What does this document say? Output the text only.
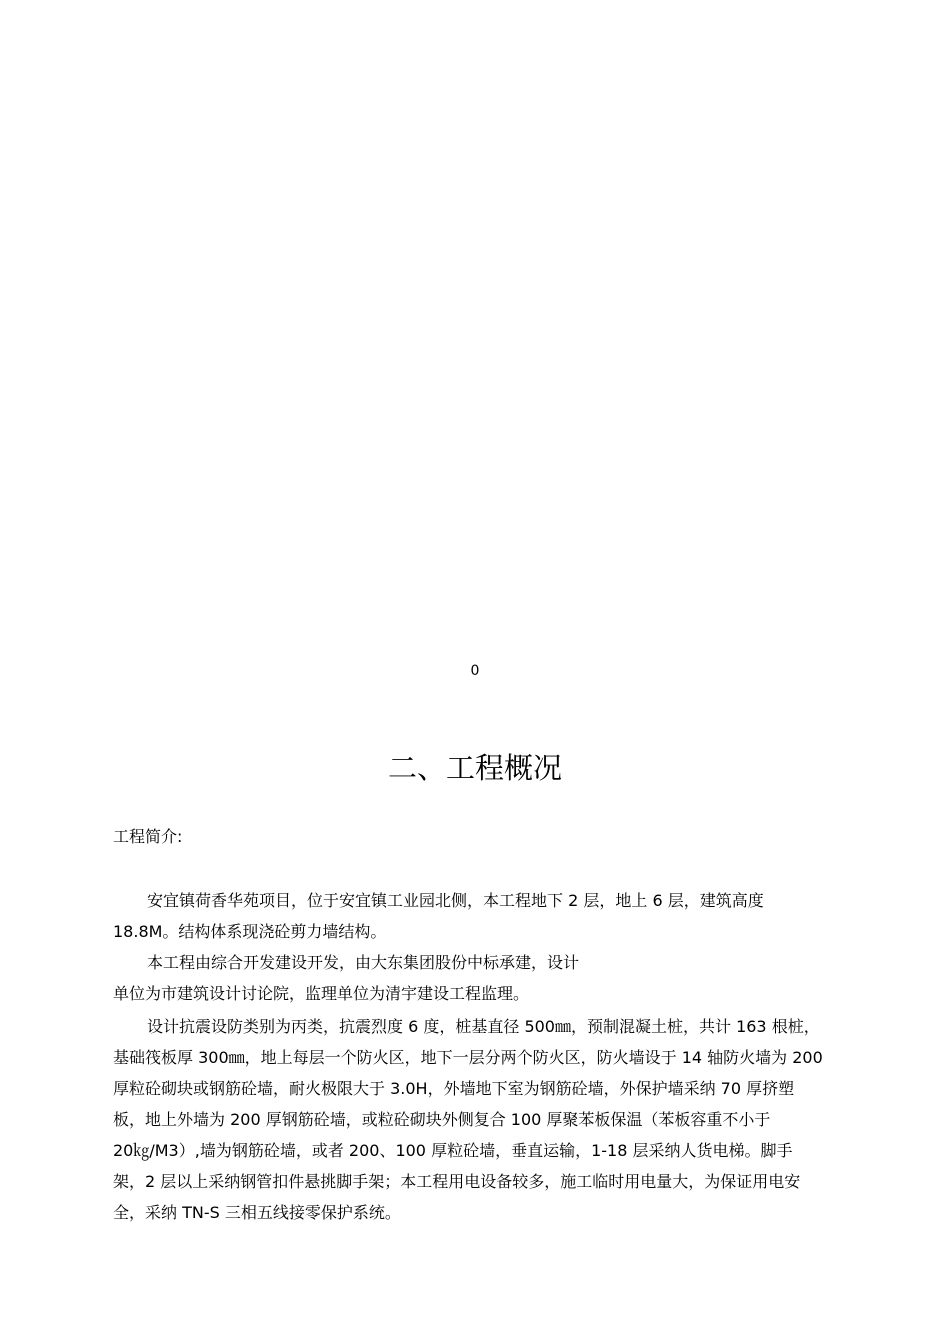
0
二、工程概况

工程简介:

安宜镇荷香华苑项目，位于安宜镇工业园北侧，本工程地下 2 层，地上 6 层，建筑高度
18.8M。结构体系现浇砼剪力墙结构。
本工程由综合开发建设开发，由大东集团股份中标承建，设计
单位为市建筑设计讨论院，监理单位为清宇建设工程监理。
设计抗震设防类别为丙类，抗震烈度 6 度，桩基直径 500㎜，预制混凝土桩，共计 163 根桩，
基础筏板厚 300㎜，地上每层一个防火区，地下一层分两个防火区，防火墙设于 14 轴防火墙为 200
厚粒砼砌块或钢筋砼墙，耐火极限大于 3.0H，外墙地下室为钢筋砼墙，外保护墙采纳 70 厚挤塑
板，地上外墙为 200 厚钢筋砼墙，或粒砼砌块外侧复合 100 厚聚苯板保温（苯板容重不小于
20㎏/M3）,墙为钢筋砼墙，或者 200、100 厚粒砼墙，垂直运输，1-18 层采纳人货电梯。脚手
架，2 层以上采纳钢管扣件悬挑脚手架；本工程用电设备较多，施工临时用电量大，为保证用电安
全，采纳 TN-S 三相五线接零保护系统。
